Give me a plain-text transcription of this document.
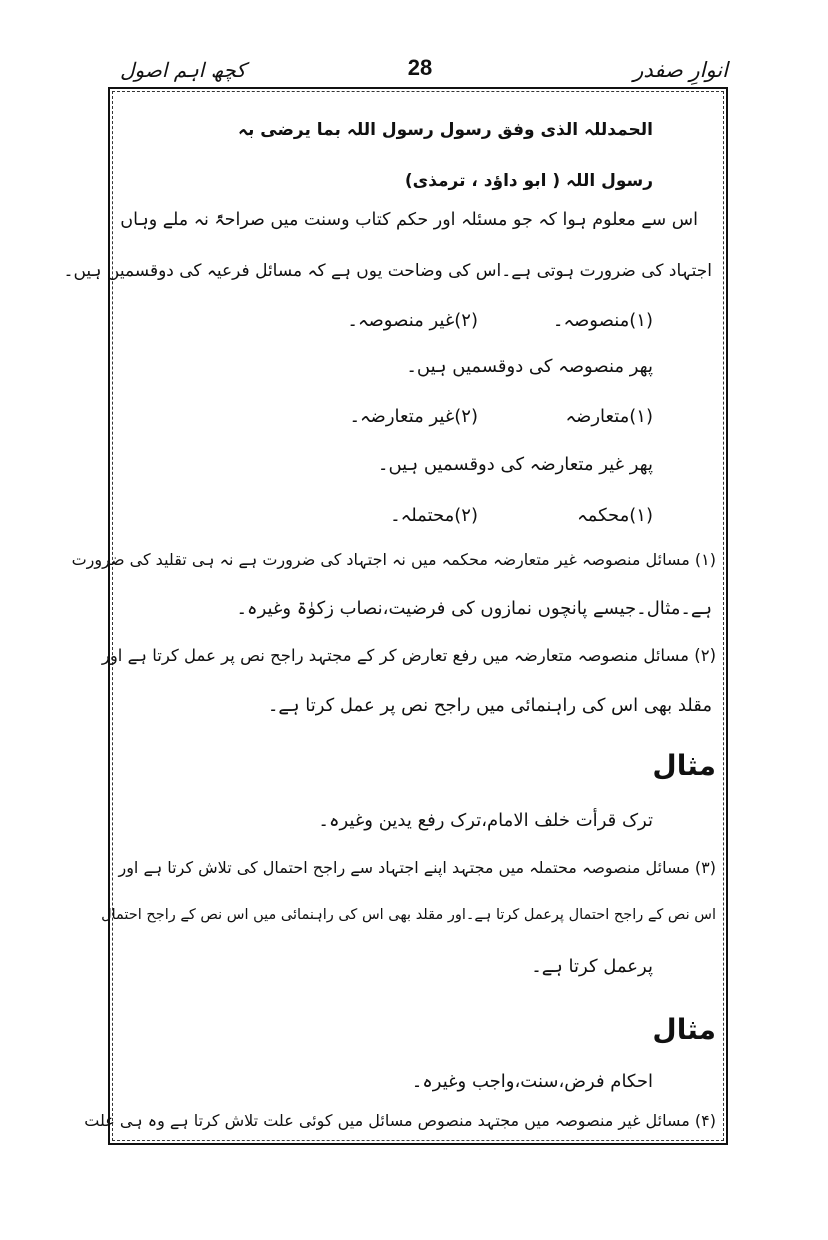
انوارِ صفدر
28
کچھ اہم اصول
الحمدللہ الذی وفق رسول رسول اللہ بما یرضی بہ
رسول اللہ ( ابو داؤد ، ترمذی)
اس سے معلوم ہوا کہ جو مسئلہ اور حکم کتاب وسنت میں صراحۃً نہ ملے وہاں
اجتہاد کی ضرورت ہوتی ہے۔اس کی وضاحت یوں ہے کہ مسائل فرعیہ کی دوقسمیں ہیں۔
(۱)منصوصہ۔
(۲)غیر منصوصہ۔
پھر منصوصہ کی دوقسمیں ہیں۔
(۱)متعارضہ
(۲)غیر متعارضہ۔
پھر غیر متعارضہ کی دوقسمیں ہیں۔
(۱)محکمہ
(۲)محتملہ۔
(۱) مسائل منصوصہ غیر متعارضہ محکمہ میں نہ اجتہاد کی ضرورت ہے نہ ہی تقلید کی ضرورت
ہے۔مثال۔جیسے پانچوں نمازوں کی فرضیت،نصاب زکوٰۃ وغیرہ۔
(۲) مسائل منصوصہ متعارضہ میں رفع تعارض کر کے مجتہد راجح نص پر عمل کرتا ہے اور
مقلد بھی اس کی راہنمائی میں راجح نص پر عمل کرتا ہے۔
مثال
ترک قرأت خلف الامام،ترک رفع یدین وغیرہ۔
(۳) مسائل منصوصہ محتملہ میں مجتہد اپنے اجتہاد سے راجح احتمال کی تلاش کرتا ہے اور
اس نص کے راجح احتمال پرعمل کرتا ہے۔اور مقلد بھی اس کی راہنمائی میں اس نص کے راجح احتمال
پرعمل کرتا ہے۔
مثال
احکام فرض،سنت،واجب وغیرہ۔
(۴) مسائل غیر منصوصہ میں مجتہد منصوص مسائل میں کوئی علت تلاش کرتا ہے وہ ہی علت
